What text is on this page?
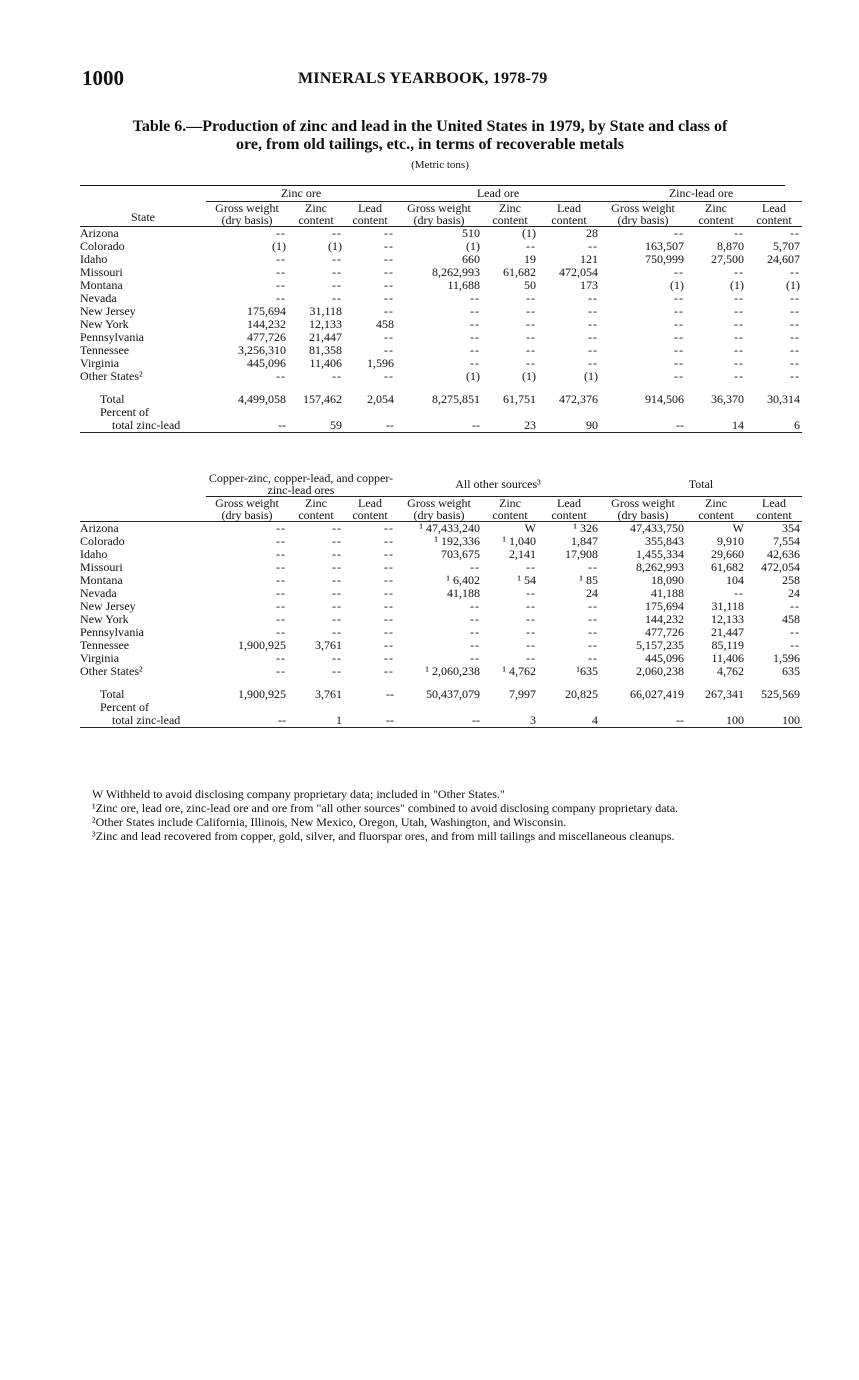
1000	MINERALS YEARBOOK, 1978-79
Table 6.—Production of zinc and lead in the United States in 1979, by State and class of ore, from old tailings, etc., in terms of recoverable metals
(Metric tons)
State	Zinc ore			Lead ore			Zinc-lead ore		
	Gross weight (dry basis)	Zinc content	Lead content	Gross weight (dry basis)	Zinc content	Lead content	Gross weight (dry basis)	Zinc content	Lead content

Arizona	--	--	--	510	(1)	28	--	--	--
Colorado	(1)	(1)	--	(1)	--	--	163,507	8,870	5,707
Idaho	--	--	--	660	19	121	750,999	27,500	24,607
Missouri	--	--	--	8,262,993	61,682	472,054	--	--	--
Montana	--	--	--	11,688	50	173	(1)	(1)	(1)
Nevada	--	--	--	--	--	--	--	--	--
New Jersey	175,694	31,118	--	--	--	--	--	--	--
New York	144,232	12,133	458	--	--	--	--	--	--
Pennsylvania	477,726	21,447	--	--	--	--	--	--	--
Tennessee	3,256,310	81,358	--	--	--	--	--	--	--
Virginia	445,096	11,406	1,596	--	--	--	--	--	--
Other States²	--	--	--	(1)	(1)	(1)	--	--	--

Total	4,499,058	157,462	2,054	8,275,851	61,751	472,376	914,506	36,370	30,314
Percent of									
total zinc-lead	--	59	--	--	23	90	--	14	6

	Copper-zinc, copper-lead, and copper-zinc-lead ores			All other sources³			Total		
	Gross weight (dry basis)	Zinc content	Lead content	Gross weight (dry basis)	Zinc content	Lead content	Gross weight (dry basis)	Zinc content	Lead content

Arizona	--	--	--	¹ 47,433,240	W	¹ 326	47,433,750	W	354
Colorado	--	--	--	¹ 192,336	¹ 1,040	1,847	355,843	9,910	7,554
Idaho	--	--	--	703,675	2,141	17,908	1,455,334	29,660	42,636
Missouri	--	--	--	--	--	--	8,262,993	61,682	472,054
Montana	--	--	--	¹ 6,402	¹ 54	¹ 85	18,090	104	258
Nevada	--	--	--	41,188	--	24	41,188	--	24
New Jersey	--	--	--	--	--	--	175,694	31,118	--
New York	--	--	--	--	--	--	144,232	12,133	458
Pennsylvania	--	--	--	--	--	--	477,726	21,447	--
Tennessee	1,900,925	3,761	--	--	--	--	5,157,235	85,119	--
Virginia	--	--	--	--	--	--	445,096	11,406	1,596
Other States²	--	--	--	¹ 2,060,238	¹ 4,762	¹635	2,060,238	4,762	635

Total	1,900,925	3,761	--	50,437,079	7,997	20,825	66,027,419	267,341	525,569
Percent of									
total zinc-lead	--	1	--	--	3	4	--	100	100

W Withheld to avoid disclosing company proprietary data; included in "Other States."

¹Zinc ore, lead ore, zinc-lead ore and ore from "all other sources" combined to avoid disclosing company proprietary data.

²Other States include California, Illinois, New Mexico, Oregon, Utah, Washington, and Wisconsin.

³Zinc and lead recovered from copper, gold, silver, and fluorspar ores, and from mill tailings and miscellaneous cleanups.
